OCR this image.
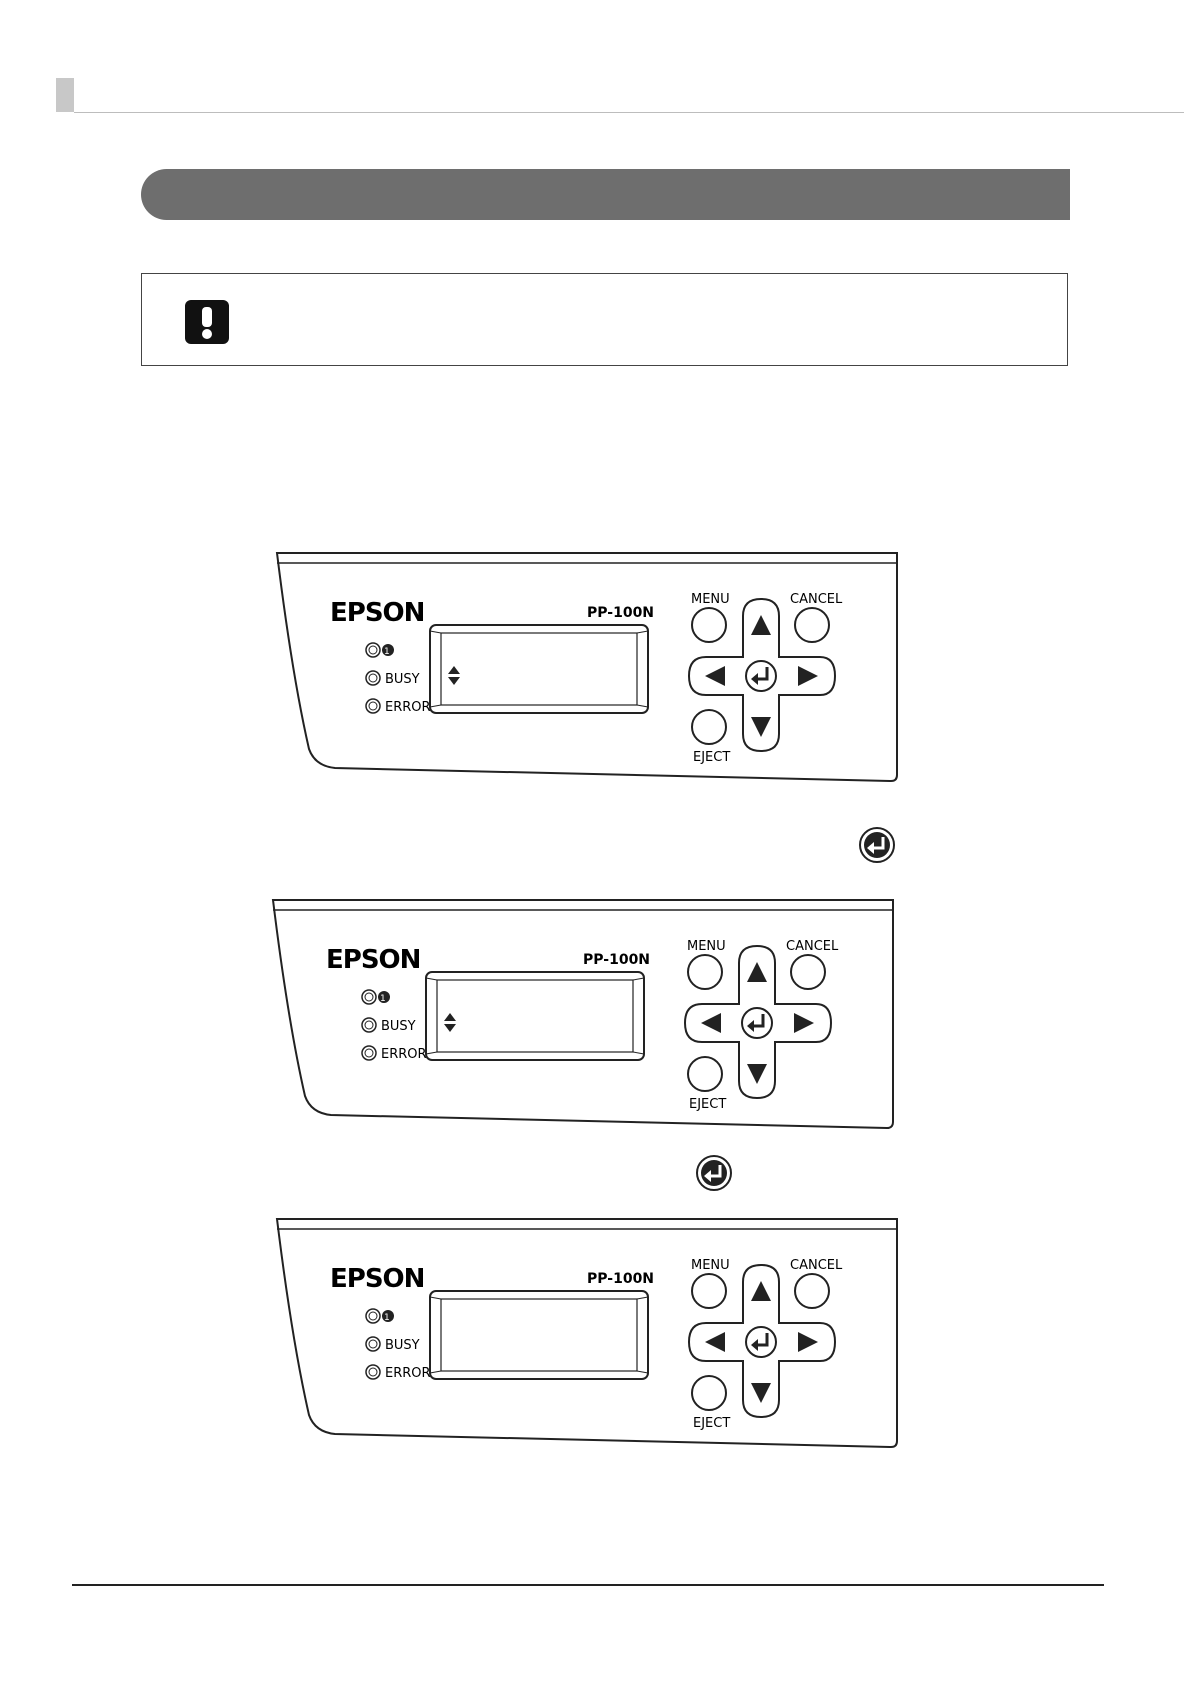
EPSON	PP-100N
1
BUSY
ERROR
MENU	CANCEL
EJECT
EPSON	PP-100N
1
BUSY
ERROR
MENU	CANCEL
EJECT
EPSON	PP-100N
1
BUSY
ERROR
MENU	CANCEL
EJECT
